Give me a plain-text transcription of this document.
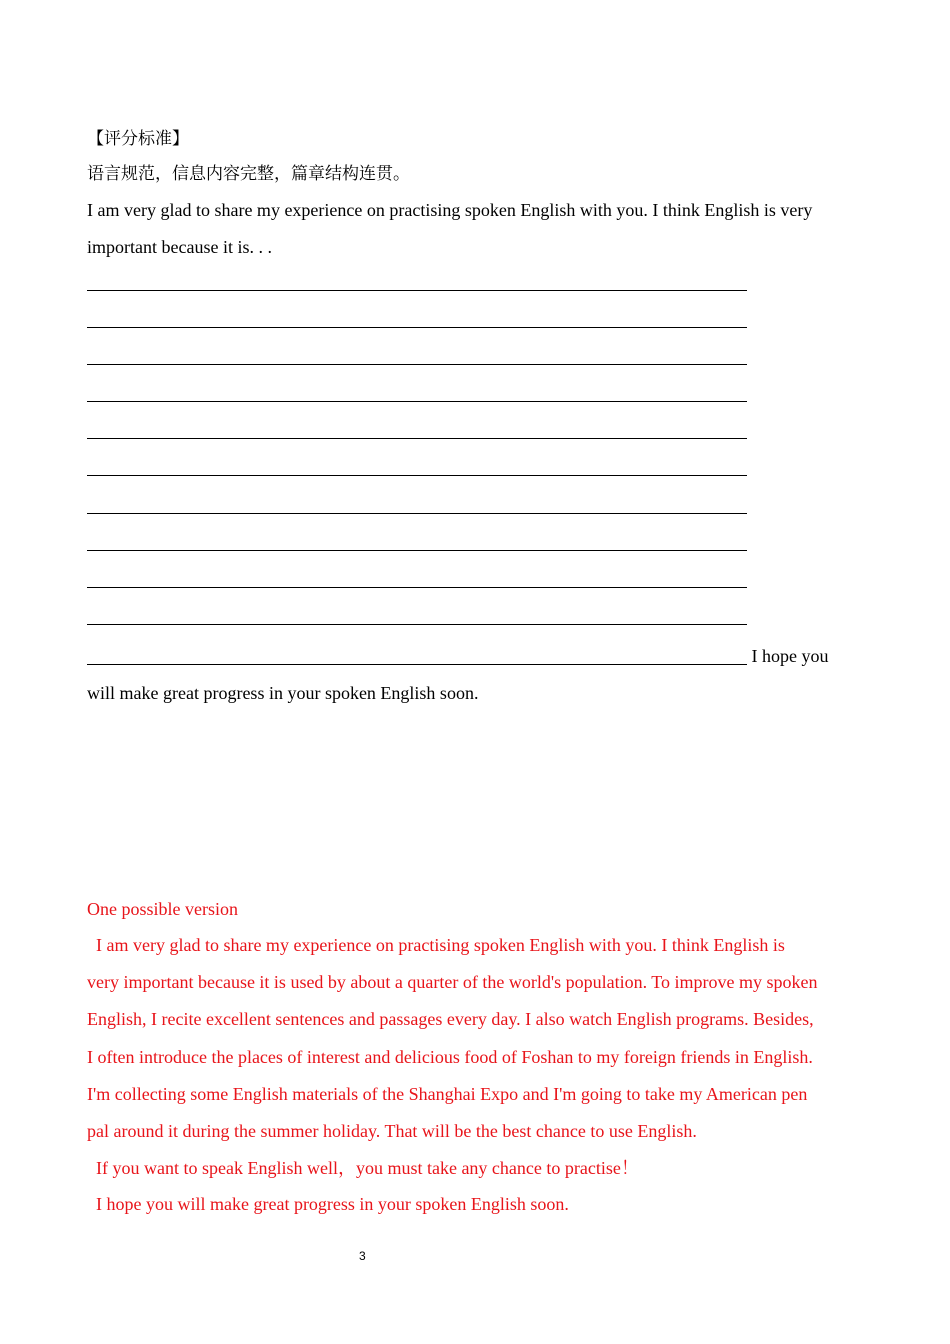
【评分标准】
语言规范，信息内容完整，篇章结构连贯。
I am very glad to share my experience on practising spoken English with you. I think English is very
important because it is. . .
I hope you
will make great progress in your spoken English soon.
One possible version
I am very glad to share my experience on practising spoken English with you. I think English is
very important because it is used by about a quarter of the world's population. To improve my spoken
English, I recite excellent sentences and passages every day. I also watch English programs. Besides,
I often introduce the places of interest and delicious food of Foshan to my foreign friends in English.
I'm collecting some English materials of the Shanghai Expo and I'm going to take my American pen
pal around it during the summer holiday. That will be the best chance to use English.
If you want to speak English well，you must take any chance to practise！
I hope you will make great progress in your spoken English soon.
3
